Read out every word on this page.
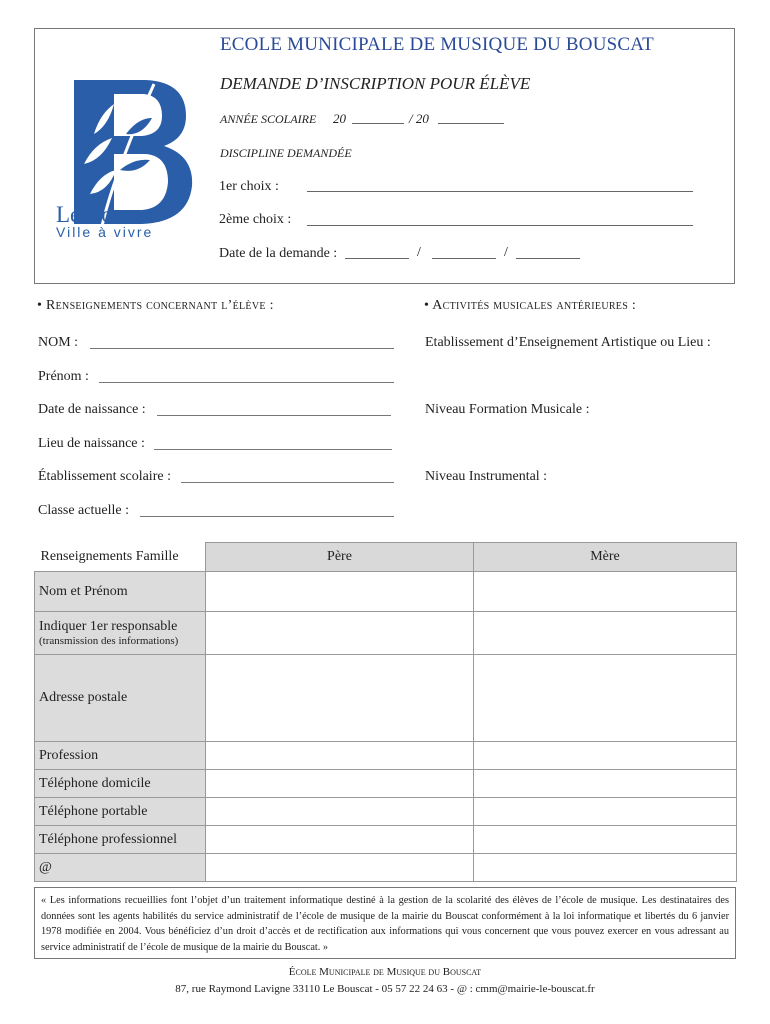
Le Bouscat
Ville à vivre
ECOLE MUNICIPALE DE MUSIQUE DU BOUSCAT
DEMANDE D’INSCRIPTION POUR ÉLÈVE
ANNÉE SCOLAIRE 20	/ 20
DISCIPLINE DEMANDÉE
1er choix :
2ème choix :
Date de la demande :	/	/
• Renseignements concernant l’élève :	• Activités musicales antérieures :
NOM :
Prénom :
Date de naissance :
Lieu de naissance :
Établissement scolaire :
Classe actuelle :
Etablissement d’Enseignement Artistique ou Lieu :
Niveau Formation Musicale :
Niveau Instrumental :
Renseignements Famille	Père	Mère
Nom et Prénom		
Indiquer 1er responsable
(transmission des informations)		

Adresse postale		
Profession		
Téléphone domicile		
Téléphone portable		
Téléphone professionnel		
@		
« Les informations recueillies font l’objet d’un traitement informatique destiné à la gestion de la scolarité des élèves de l’école de musique. Les destinataires des données sont les agents habilités du service administratif de l’école de musique de la mairie du Bouscat conformément à la loi informatique et libertés du 6 janvier 1978 modifiée en 2004. Vous bénéficiez d’un droit d’accès et de rectification aux informations qui vous concernent que vous pouvez exercer en vous adressant au service administratif de l’école de musique de la mairie du Bouscat. »
École Municipale de Musique du Bouscat
87, rue Raymond Lavigne 33110 Le Bouscat - 05 57 22 24 63 - @ : cmm@mairie-le-bouscat.fr
